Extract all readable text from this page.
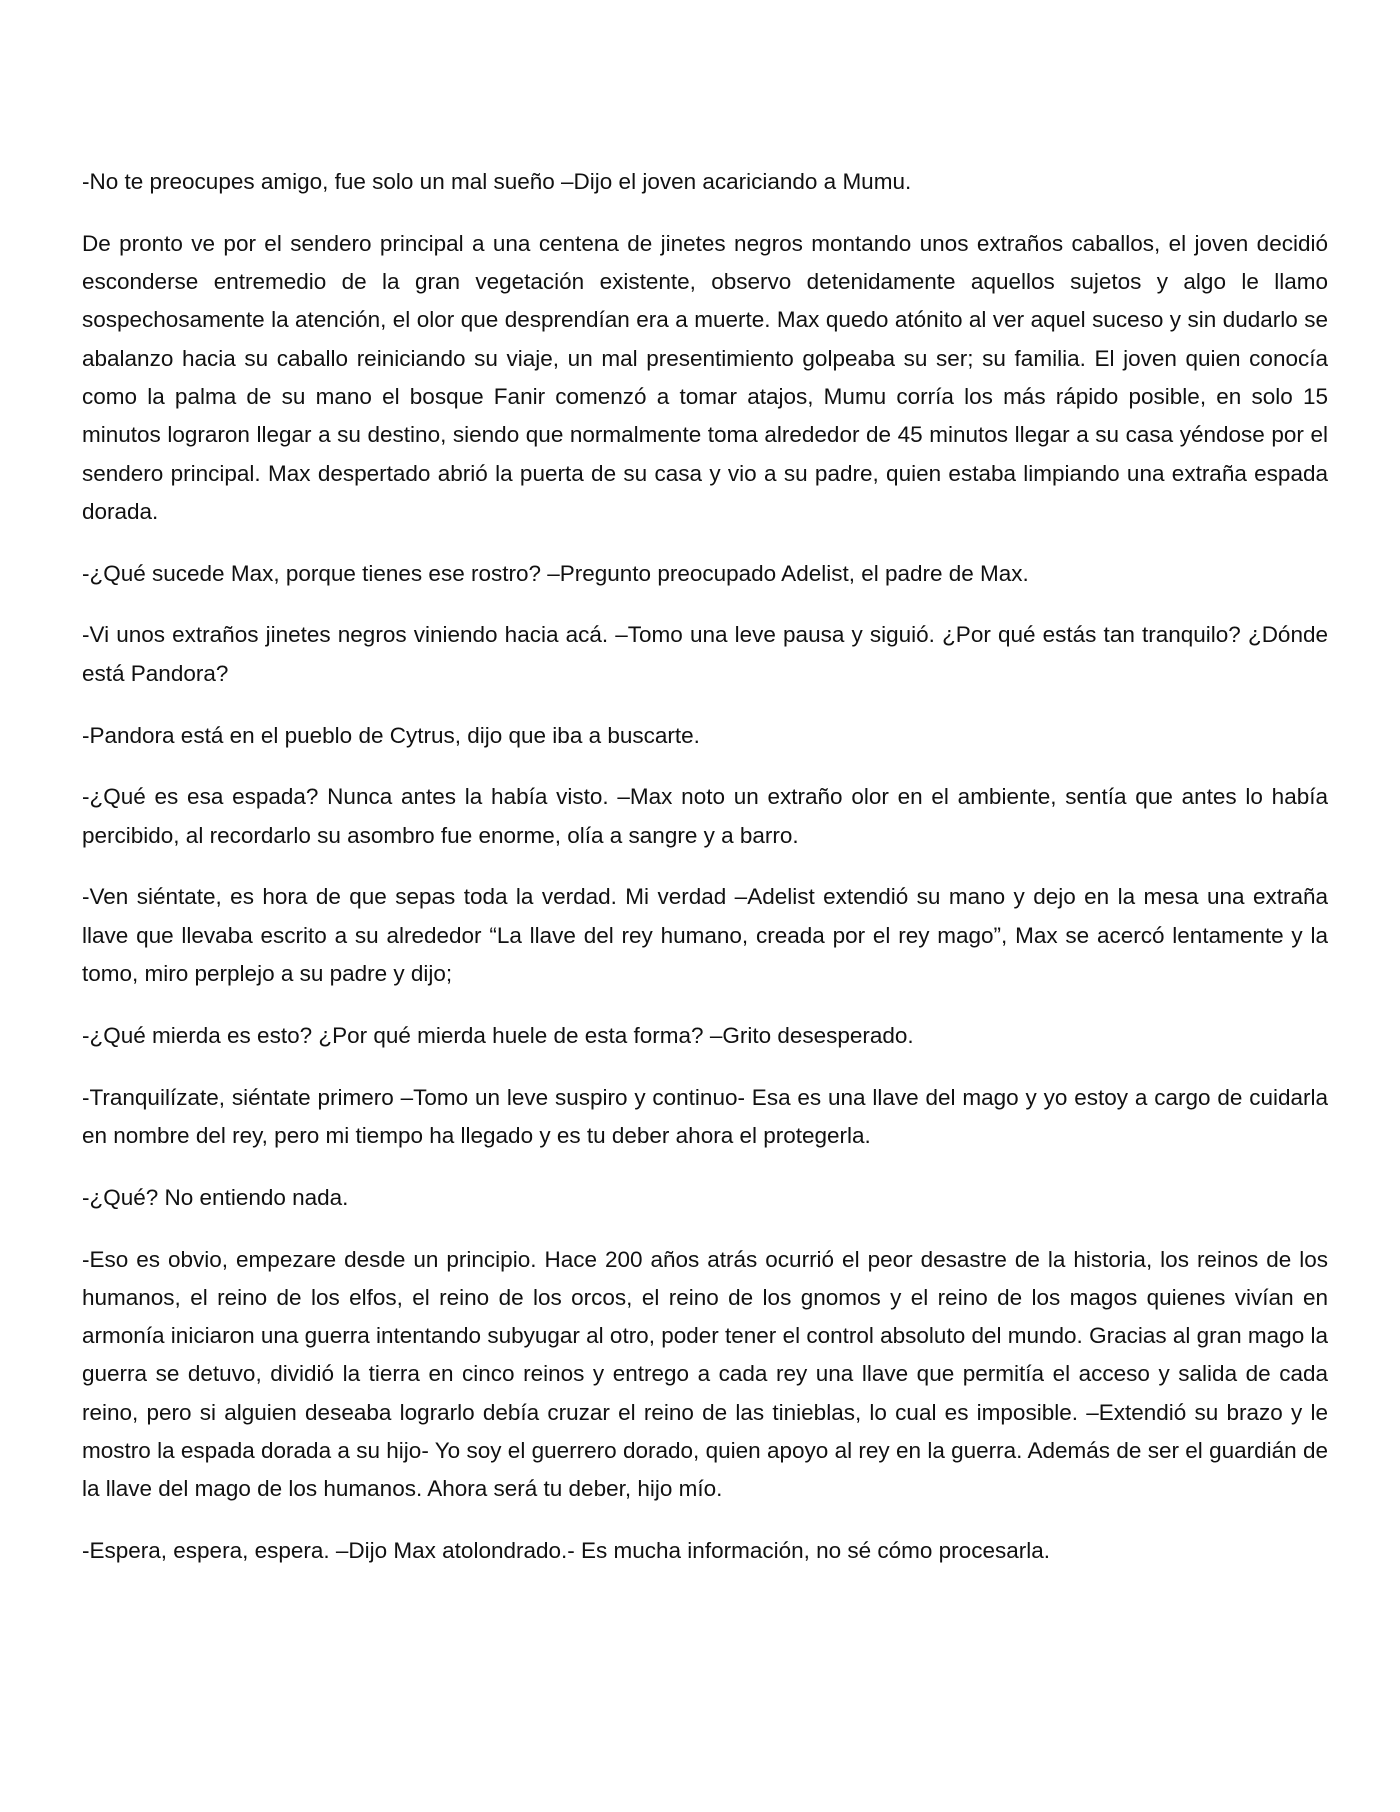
-No te preocupes amigo, fue solo un mal sueño –Dijo el joven acariciando a Mumu.

De pronto ve por el sendero principal a una centena de jinetes negros montando unos extraños caballos, el joven decidió esconderse entremedio de la gran vegetación existente, observo detenidamente aquellos sujetos y algo le llamo sospechosamente la atención, el olor que desprendían era a muerte. Max quedo atónito al ver aquel suceso y sin dudarlo se abalanzo hacia su caballo reiniciando su viaje, un mal presentimiento golpeaba su ser; su familia. El joven quien conocía como la palma de su mano el bosque Fanir comenzó a tomar atajos, Mumu corría los más rápido posible, en solo 15 minutos lograron llegar a su destino, siendo que normalmente toma alrededor de 45 minutos llegar a su casa yéndose por el sendero principal. Max despertado abrió la puerta de su casa y vio a su padre, quien estaba limpiando una extraña espada dorada.

-¿Qué sucede Max, porque tienes ese rostro? –Pregunto preocupado Adelist, el padre de Max.

-Vi unos extraños jinetes negros viniendo hacia acá. –Tomo una leve pausa y siguió. ¿Por qué estás tan tranquilo? ¿Dónde está Pandora?

-Pandora está en el pueblo de Cytrus, dijo que iba a buscarte.

-¿Qué es esa espada? Nunca antes la había visto. –Max noto un extraño olor en el ambiente, sentía que antes lo había percibido, al recordarlo su asombro fue enorme, olía a sangre y a barro.

-Ven siéntate, es hora de que sepas toda la verdad. Mi verdad –Adelist extendió su mano y dejo en la mesa una extraña llave que llevaba escrito a su alrededor “La llave del rey humano, creada por el rey mago”, Max se acercó lentamente y la tomo, miro perplejo a su padre y dijo;

-¿Qué mierda es esto? ¿Por qué mierda huele de esta forma? –Grito desesperado.

-Tranquilízate, siéntate primero –Tomo un leve suspiro y continuo- Esa es una llave del mago y yo estoy a cargo de cuidarla en nombre del rey, pero mi tiempo ha llegado y es tu deber ahora el protegerla.

-¿Qué? No entiendo nada.

-Eso es obvio, empezare desde un principio. Hace 200 años atrás ocurrió el peor desastre de la historia, los reinos de los humanos, el reino de los elfos, el reino de los orcos, el reino de los gnomos y el reino de los magos quienes vivían en armonía iniciaron una guerra intentando subyugar al otro, poder tener el control absoluto del mundo. Gracias al gran mago la guerra se detuvo, dividió la tierra en cinco reinos y entrego a cada rey una llave que permitía el acceso y salida de cada reino, pero si alguien deseaba lograrlo debía cruzar el reino de las tinieblas, lo cual es imposible. –Extendió su brazo y le mostro la espada dorada a su hijo- Yo soy el guerrero dorado, quien apoyo al rey en la guerra. Además de ser el guardián de la llave del mago de los humanos. Ahora será tu deber, hijo mío.

-Espera, espera, espera. –Dijo Max atolondrado.- Es mucha información, no sé cómo procesarla.
